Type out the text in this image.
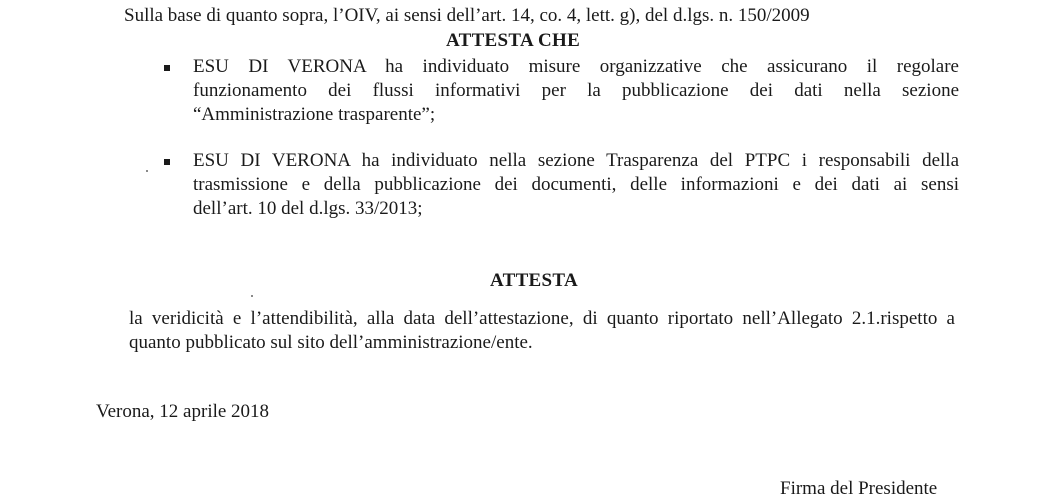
Sulla base di quanto sopra, l’OIV, ai sensi dell’art. 14, co. 4, lett. g), del d.lgs. n. 150/2009
ATTESTA CHE
ESU DI VERONA ha individuato misure organizzative che assicurano il regolare
funzionamento dei flussi informativi per la pubblicazione dei dati nella sezione
“Amministrazione trasparente”;
ESU DI VERONA ha individuato nella sezione Trasparenza del PTPC i responsabili della
trasmissione e della pubblicazione dei documenti, delle informazioni e dei dati ai sensi
dell’art. 10 del d.lgs. 33/2013;
ATTESTA
la veridicità e l’attendibilità, alla data dell’attestazione, di quanto riportato nell’Allegato 2.1.rispetto a
quanto pubblicato sul sito dell’amministrazione/ente.
Verona, 12 aprile 2018
Firma del Presidente
